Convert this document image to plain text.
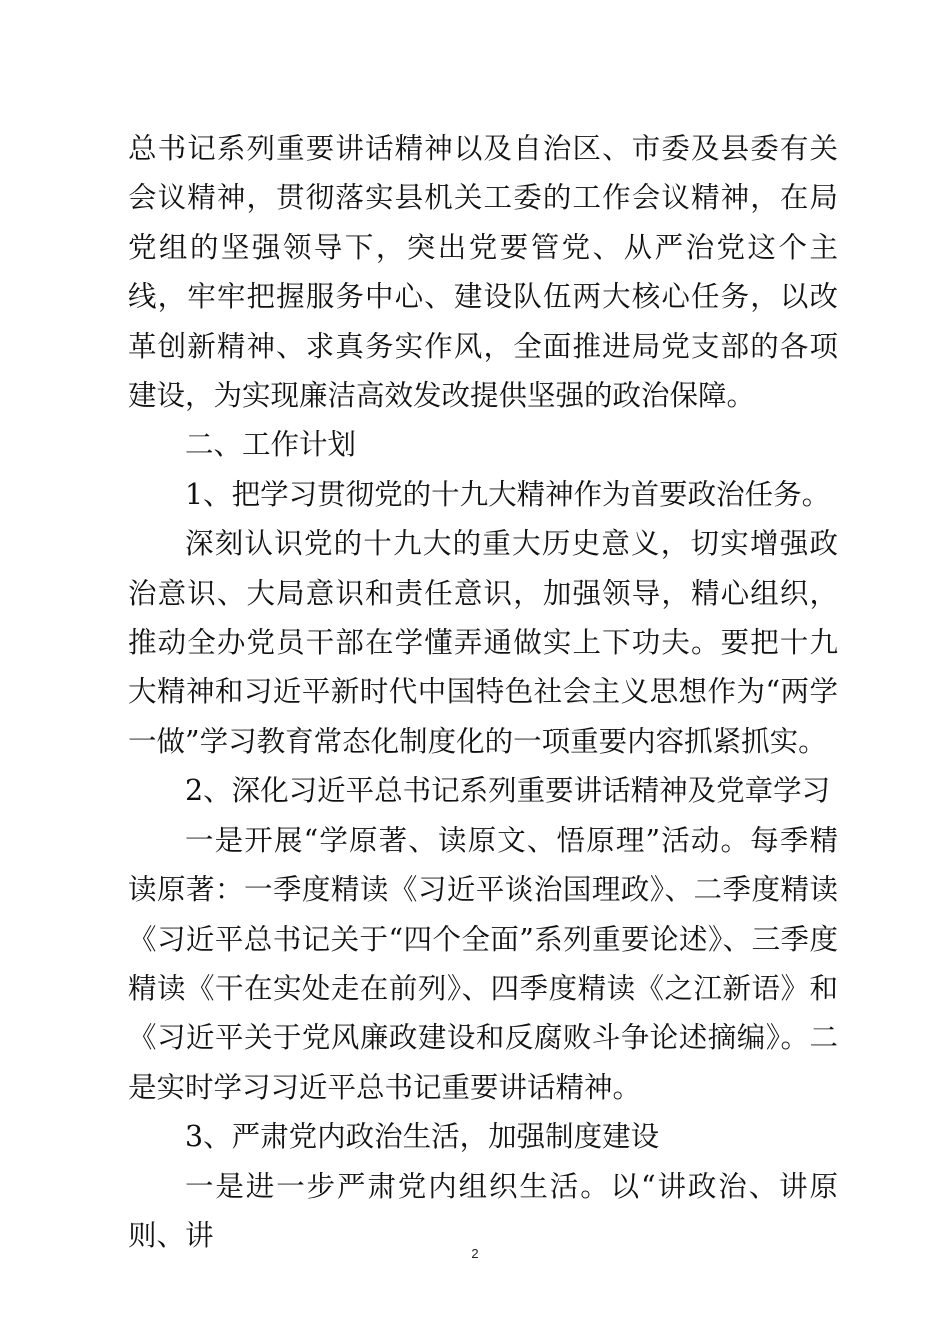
总书记系列重要讲话精神以及自治区、市委及县委有关会议精神，贯彻落实县机关工委的工作会议精神，在局党组的坚强领导下，突出党要管党、从严治党这个主线，牢牢把握服务中心、建设队伍两大核心任务，以改革创新精神、求真务实作风，全面推进局党支部的各项建设，为实现廉洁高效发改提供坚强的政治保障。

二、工作计划

1、把学习贯彻党的十九大精神作为首要政治任务。

深刻认识党的十九大的重大历史意义，切实增强政治意识、大局意识和责任意识，加强领导，精心组织，推动全办党员干部在学懂弄通做实上下功夫。要把十九大精神和习近平新时代中国特色社会主义思想作为“两学一做”学习教育常态化制度化的一项重要内容抓紧抓实。

2、深化习近平总书记系列重要讲话精神及党章学习

一是开展“学原著、读原文、悟原理”活动。每季精读原著：一季度精读《习近平谈治国理政》、二季度精读《习近平总书记关于“四个全面”系列重要论述》、三季度精读《干在实处走在前列》、四季度精读《之江新语》和《习近平关于党风廉政建设和反腐败斗争论述摘编》。二是实时学习习近平总书记重要讲话精神。

3、严肃党内政治生活，加强制度建设

一是进一步严肃党内组织生活。以“讲政治、讲原则、讲

2
